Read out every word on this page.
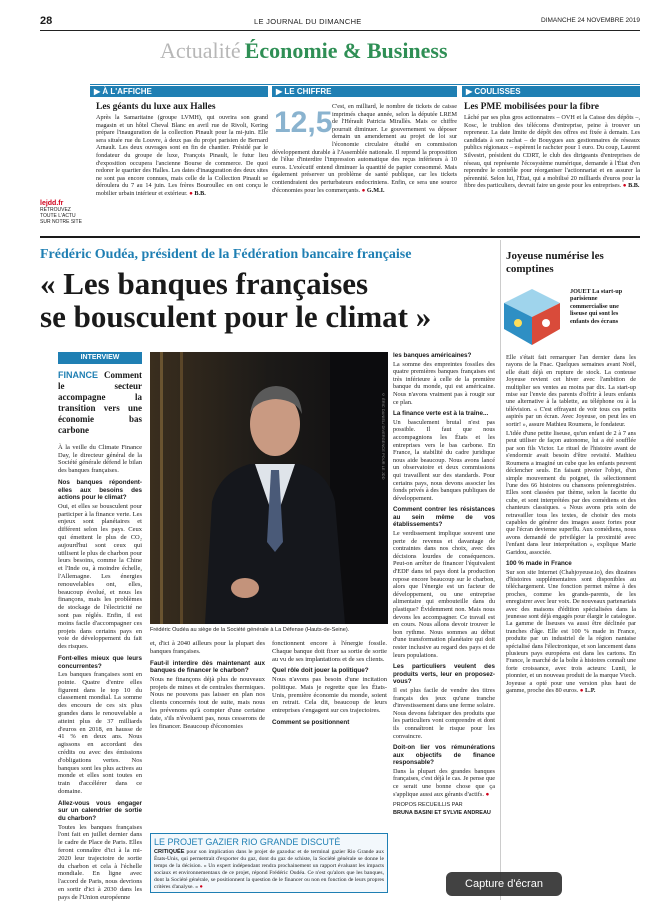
28	LE JOURNAL DU DIMANCHE	DIMANCHE 24 NOVEMBRE 2019
Actualité Économie & Business
▶ À L'AFFICHE
Les géants du luxe aux Halles
Après la Samaritaine (groupe LVMH), qui ouvrira son grand magasin et un hôtel Cheval Blanc en avril rue de Rivoli, Kering prépare l'inauguration de la collection Pinault pour la mi-juin. Elle sera située rue du Louvre, à deux pas du projet parisien de Bernard Arnault. Les deux ouvrages sont en fin de chantier. Présidé par le fondateur du groupe de luxe, François Pinault, le futur lieu d'exposition occupera l'ancienne Bourse de commerce. De quoi redorer le quartier des Halles. Les dates d'inauguration des deux sites ne sont pas encore connues, mais celle de la Collection Pinault se déroulera du 7 au 14 juin. Les frères Bouroullec en ont conçu le mobilier urbain intérieur et extérieur. ● B.B.
lejdd.fr
RETROUVEZ
TOUTE L'ACTU
SUR NOTRE SITE
▶ LE CHIFFRE
12,5 C'est, en milliard, le nombre de tickets de caisse imprimés chaque année, selon la députée LREM de l'Hérault Patricia Mirallès. Mais ce chiffre pourrait diminuer. Le gouvernement va déposer demain un amendement au projet de loi sur l'économie circulaire étudié en commission développement durable à l'Assemblée nationale. Il reprend la proposition de l'élue d'interdire l'impression automatique des reçus inférieurs à 10 euros. L'exécutif entend diminuer la quantité de papier consommé. Mais également préserver un problème de santé publique, car les tickets contiendraient des perturbateurs endocriniens. Enfin, ce sera une source d'économies pour les commerçants. ● G.M.I.
▶ COULISSES
Les PME mobilisées pour la fibre
Lâché par ses plus gros actionnaires – OVH et la Caisse des dépôts –, Kosc, le trublion des télécoms d'entreprise, peine à trouver un repreneur. La date limite de dépôt des offres est fixée à demain. Les candidats à son rachat – de Bouygues aux gestionnaires de réseaux publics régionaux – espèrent le rachcter pour 1 euro. Du coup, Laurent Silvestri, président du CDRT, le club des dirigeants d'entreprises de réseau, qui représente l'écosystème numérique, demande à l'État d'en reprendre le contrôle pour réorganiser l'actionnariat et en assurer la pérennité. Selon lui, l'État, qui a mobilisé 20 milliards d'euros pour la fibre des particuliers, devrait faire un geste pour les entreprises. ● B.B.
Frédéric Oudéa, président de la Fédération bancaire française
« Les banques françaises
se bousculent pour le climat »
INTERVIEW
FINANCE Comment le secteur accompagne la transition vers une économie bas carbone

À la veille du Climate Finance Day, le directeur général de la Société générale défend le bilan des banques françaises.

Nos banques répondent-elles aux besoins des actions pour le climat?

Oui, et elles se bousculent pour participer à la finance verte. Les enjeux sont planétaires et différent selon les pays. Ceux qui émettent le plus de CO₂ aujourd'hui sont ceux qui utilisent le plus de charbon pour leurs besoins, comme la Chine et l'Inde ou, à moindre échelle, l'Allemagne. Les énergies renouvelables ont, elles, beaucoup évolué, et nous les finançons, mais les problèmes de stockage de l'électricité ne sont pas réglés. Enfin, il est moins facile d'accompagner ces projets dans certains pays en voie de développement du fait des risques.

Font-elles mieux que leurs concurrentes?

Les banques françaises sont en pointe. Quatre d'entre elles figurent dans le top 10 du classement mondial. La somme des encours de ces six plus grandes dans le renouvelable a atteint plus de 37 milliards d'euros en 2018, en hausse de 41 % en deux ans. Nous agissons en accordant des crédits ou avec des émissions d'obligations vertes. Nos banques sont les plus actives au monde et elles sont toutes en train d'accélérer dans ce domaine.

Allez-vous vous engager sur un calendrier de sortie du charbon?

Toutes les banques françaises l'ont fait en juillet dernier dans le cadre de Place de Paris. Elles feront connaître d'ici à la mi-2020 leur trajectoire de sortie du charbon et cela à l'échelle mondiale. En ligne avec l'accord de Paris, nous devrions en sortir d'ici à 2030 dans les pays de l'Union européenne

© ÉRIC DANIEL/ DIVERGENCE POUR LE JDD
Frédéric Oudéa au siège de la Société générale à La Défense (Hauts-de-Seine).

et, d'ici à 2040 ailleurs pour la plupart des banques françaises.

Faut-il interdire dès maintenant aux banques de financer le charbon?

Nous ne finançons déjà plus de nouveaux projets de mines et de centrales thermiques. Nous ne pouvons pas laisser en plan nos clients concernés tout de suite, mais nous les prévenons qu'à compter d'une certaine date, s'ils n'évoluent pas, nous cesserons de les financer. Beaucoup d'économies

fonctionnent encore à l'énergie fossile. Chaque banque doit fixer sa sortie de sortie au vu de ses implantations et de ses clients.

Quel rôle doit jouer la politique?

Nous n'avons pas besoin d'une incitation politique. Mais je regrette que les États-Unis, première économie du monde, soient en retrait. Cela dit, beaucoup de leurs entreprises s'engagent sur ces trajectoires.

Comment se positionnent
les banques américaines?

La somme des empreintes fossiles des quatre premières banques françaises est très inférieure à celle de la première banque du monde, qui est américaine. Nous n'avons vraiment pas à rougir sur ce plan.

La finance verte est à la traîne...

Un basculement brutal n'est pas possible. Il faut que nous accompagnions les États et les entreprises vers le bas carbone. En France, la stabilité du cadre juridique nous aide beaucoup. Nous avons lancé un observatoire et deux commissions qui travaillent sur des standards. Pour certains pays, nous devons associer les fonds privés à des banques publiques de développement.

Comment contrer les résistances au sein même de vos établissements?

Le verdissement implique souvent une perte de revenus et davantage de contraintes dans nos choix, avec des décisions lourdes de conséquences. Peut-on arrêter de financer l'équivalent d'EDF dans tel pays dont la production repose encore beaucoup sur le charbon, alors que l'énergie est un facteur de développement, ou une entreprise alimentaire qui embouteille dans du plastique? Évidemment non. Mais nous devons les accompagner. Ce travail est en cours. Nous allons devoir trouver le bon rythme. Nous sommes au début d'une transformation planétaire qui doit rester inclusive au regard des pays et de leurs populations.

Les particuliers veulent des produits verts, leur en proposez-vous?

Il est plus facile de vendre des titres français des jeux qu'une tranche d'investissement dans une ferme solaire. Nous devons fabriquer des produits que les particuliers vont comprendre et dont ils connaîtront le risque pour les convaincre.

Doit-on lier vos rémunérations aux objectifs de finance responsable?

Dans la plupart des grandes banques françaises, c'est déjà le cas. Je pense que ce serait une bonne chose que ça s'applique aussi aux gérants d'actifs. ●

PROPOS RECUEILLIS PAR
BRUNA BASINI ET SYLVIE ANDREAU
LE PROJET GAZIER RIO GRANDE DISCUTÉ
CRITIQUÉE pour son implication dans le projet de gazoduc et de terminal gazier Rio Grande aux États-Unis, qui permettrait d'exporter du gaz, dont du gaz de schiste, la Société générale se donne le temps de la décision. « Un expert indépendant rendra prochainement un rapport évaluant les impacts sociaux et environnementaux de ce projet, répond Frédéric Oudéa. Ce n'est qu'alors que les banques, dont la Société générale, se positionnent la question de le financer ou non en fonction de leurs propres critères d'analyse. » ●
Joyeuse numérise les comptines
JOUET La start-up parisienne commercialise une liseuse qui sont les enfants des écrans

Elle s'était fait remarquer l'an dernier dans les rayons de la Fnac. Quelques semaines avant Noël, elle était déjà en rupture de stock. La conteuse Joyeuse revient cet hiver avec l'ambition de multiplier ses ventes au moins par dix. La start-up mise sur l'envie des parents d'offrir à leurs enfants une alternative à la tablette, au téléphone ou à la télévision. « C'est effrayant de voir tous ces petits aspirés par un écran. Avec Joyeuse, on peut les en sortir! », assure Mathieu Roumens, le fondateur.

L'idée d'une petite liseuse, qu'un enfant de 2 à 7 ans peut utiliser de façon autonome, lui a été soufflée par son fils Victor. Le rituel de l'histoire avant de s'endormir avait besoin d'être revisité. Mathieu Roumens a imaginé un cube que les enfants peuvent déclencher seuls. En faisant pivoter l'objet, d'un simple mouvement du poignet, ils sélectionnent l'une des 66 histoires ou chansons préenregistrées. Elles sont classées par thème, selon la facette du cube, et sont interprétées par des comédiens et des chanteurs classiques. « Nous avons pris soin de retravailler tous les textes, de choisir des mots capables de générer des images assez fortes pour que l'écran devienne superflu. Aux comédiens, nous avons demandé de privilégier la proximité avec l'enfant dans leur interprétation », explique Marie Garidou, associée.

100 % made in France

Sur son site Internet (Chahjoyeuse.io), des dizaines d'histoires supplémentaires sont disponibles au téléchargement. Une fonction permet même à des proches, comme les grands-parents, de les enregistrer avec leur voix. De nouveaux partenariats avec des maisons d'édition spécialisées dans la jeunesse sont déjà engagés pour élargir le catalogue. La gamme de liseuses va aussi être déclinée par tranches d'âge. Elle est 100 % made in France, produite par un industriel de la région nantaise spécialisé dans l'électronique, et son lancement dans plusieurs pays européens est dans les cartons. En France, le marché de la boîte à histoires connaît une forte croissance, avec trois acteurs: Lunii, le pionnier, et un nouveau produit de la marque Vtech. Joyeuse a opté pour une version plus haut de gamme, proche des 80 euros. ● L.P.

Capture d'écran
